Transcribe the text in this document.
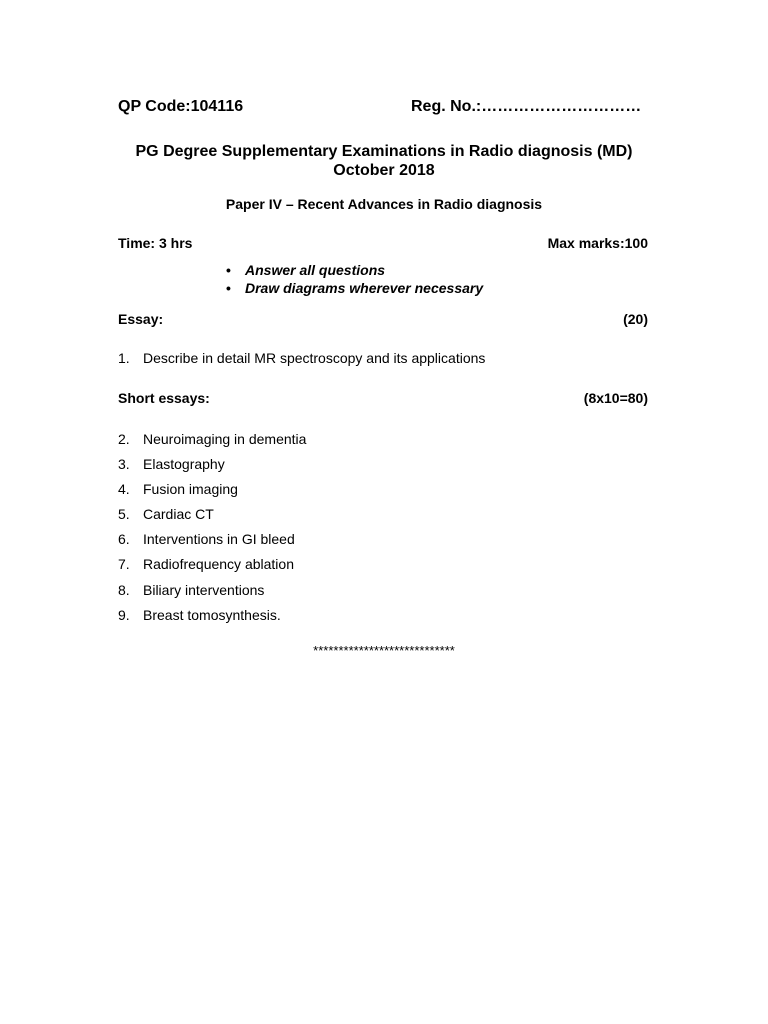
QP Code:104116	Reg. No.:…………………………
PG Degree Supplementary Examinations in Radio diagnosis (MD)
October 2018
Paper IV – Recent Advances in Radio diagnosis
Time: 3 hrs	Max marks:100
• Answer all questions
• Draw diagrams wherever necessary
Essay:	(20)
1. Describe in detail MR spectroscopy and its applications
Short essays:	(8x10=80)
2. Neuroimaging in dementia
3. Elastography
4. Fusion imaging
5. Cardiac CT
6. Interventions in GI bleed
7. Radiofrequency ablation
8. Biliary interventions
9. Breast tomosynthesis.
****************************
